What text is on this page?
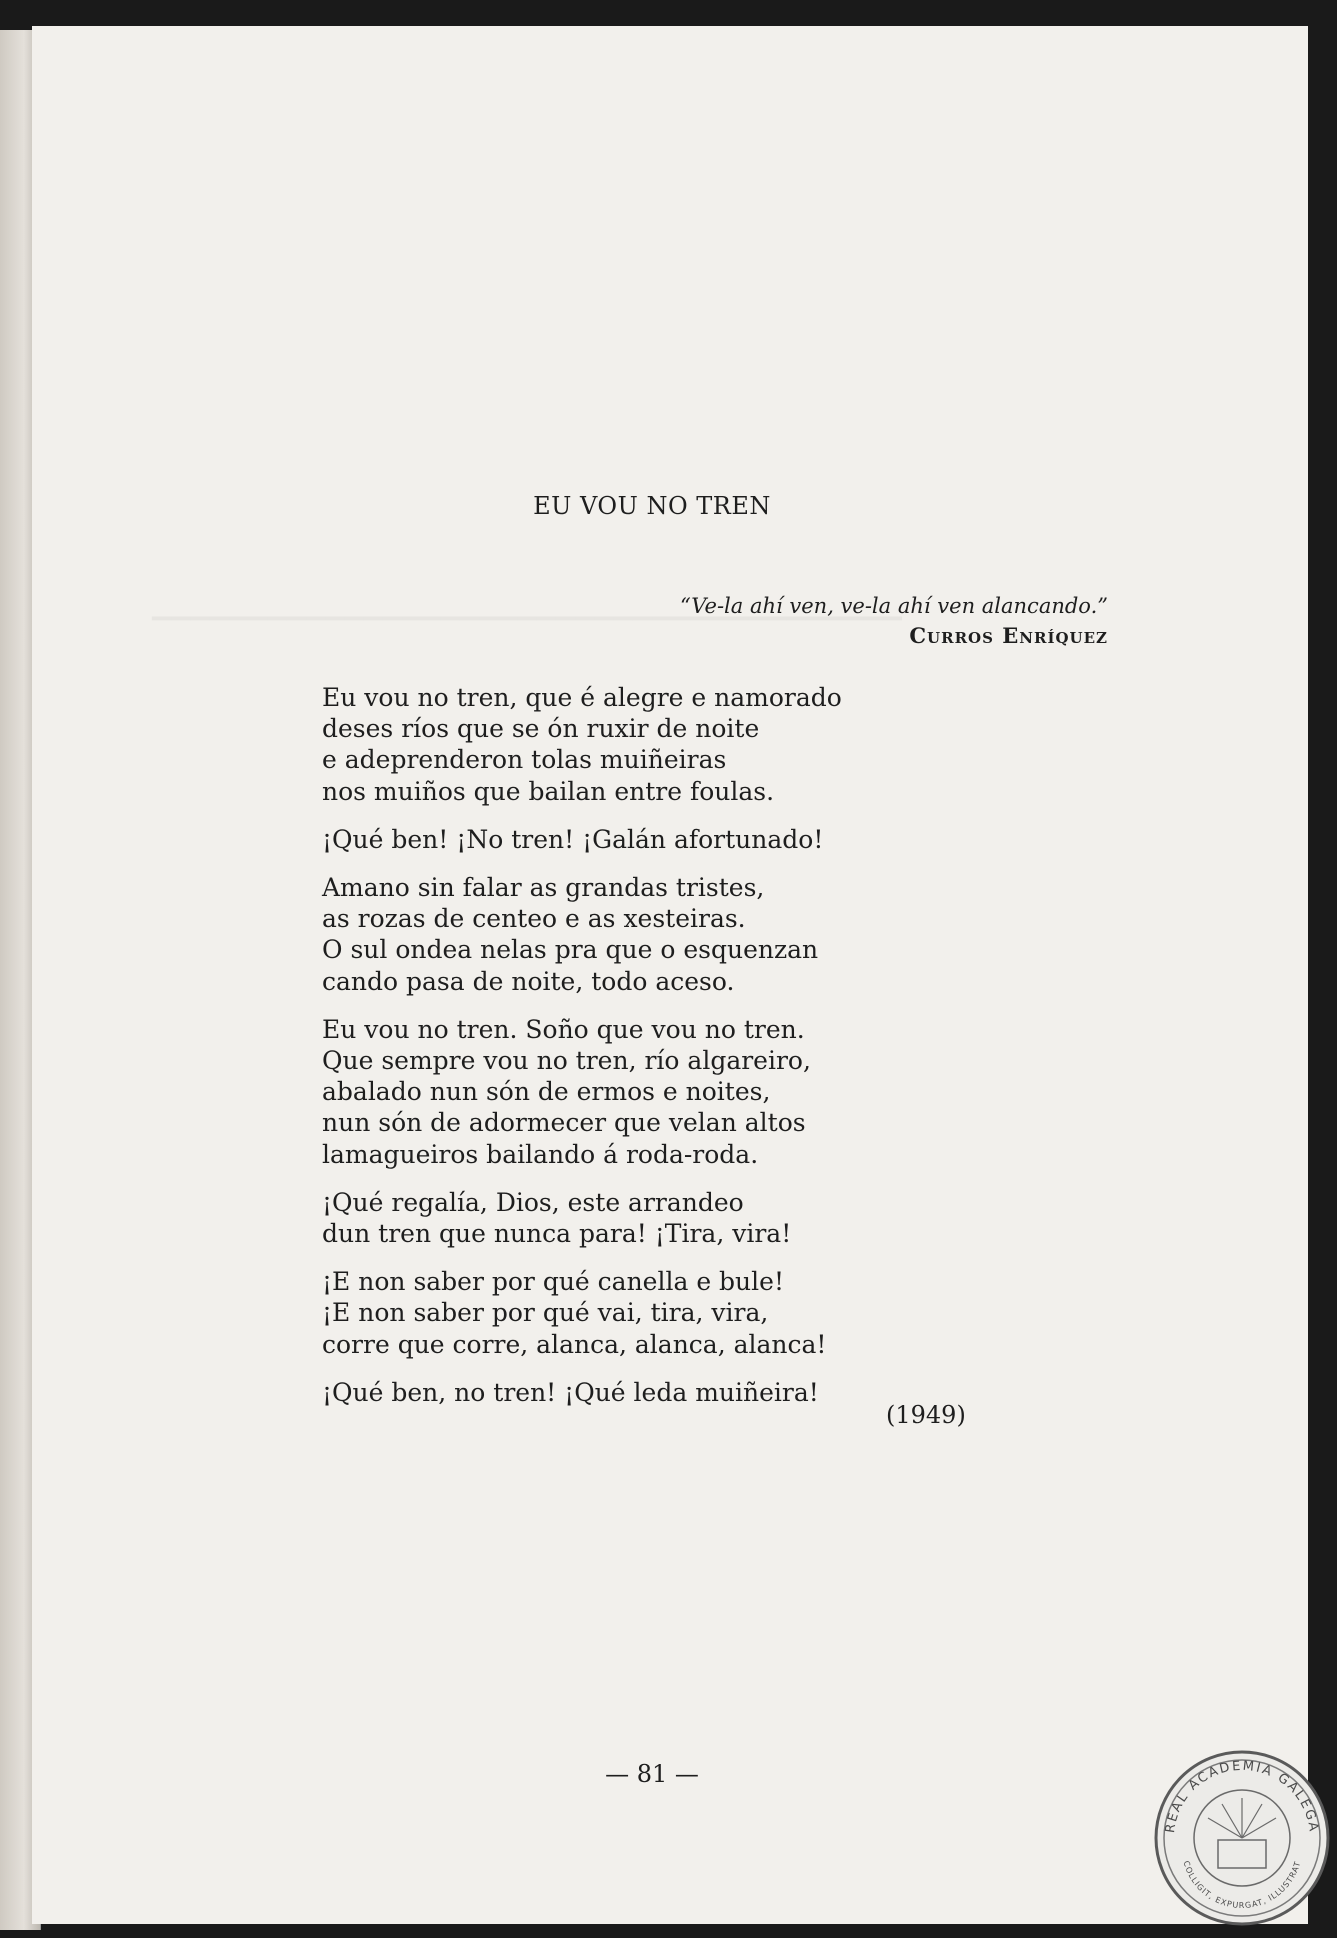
▔▔▔▔▔▔▔▔▔▔▔▔▔▔▔▔▔▔▔▔▔▔▔▔▔▔▔▔▔▔▔▔▔▔▔▔▔▔▔
EU VOU NO TREN
“Ve-la ahí ven, ve-la ahí ven alancando.”
Curros Enríquez
Eu vou no tren, que é alegre e namorado
deses ríos que se ón ruxir de noite
e adeprenderon tolas muiñeiras
nos muiños que bailan entre foulas.
¡Qué ben! ¡No tren! ¡Galán afortunado!
Amano sin falar as grandas tristes,
as rozas de centeo e as xesteiras.
O sul ondea nelas pra que o esquenzan
cando pasa de noite, todo aceso.
Eu vou no tren. Soño que vou no tren.
Que sempre vou no tren, río algareiro,
abalado nun són de ermos e noites,
nun són de adormecer que velan altos
lamagueiros bailando á roda-roda.
¡Qué regalía, Dios, este arrandeo
dun tren que nunca para! ¡Tira, vira!
¡E non saber por qué canella e bule!
¡E non saber por qué vai, tira, vira,
corre que corre, alanca, alanca, alanca!
¡Qué ben, no tren! ¡Qué leda muiñeira!
(1949)
— 81 —
REAL ACADEMIA GALEGA
COLLIGIT, EXPURGAT, ILLUSTRAT
